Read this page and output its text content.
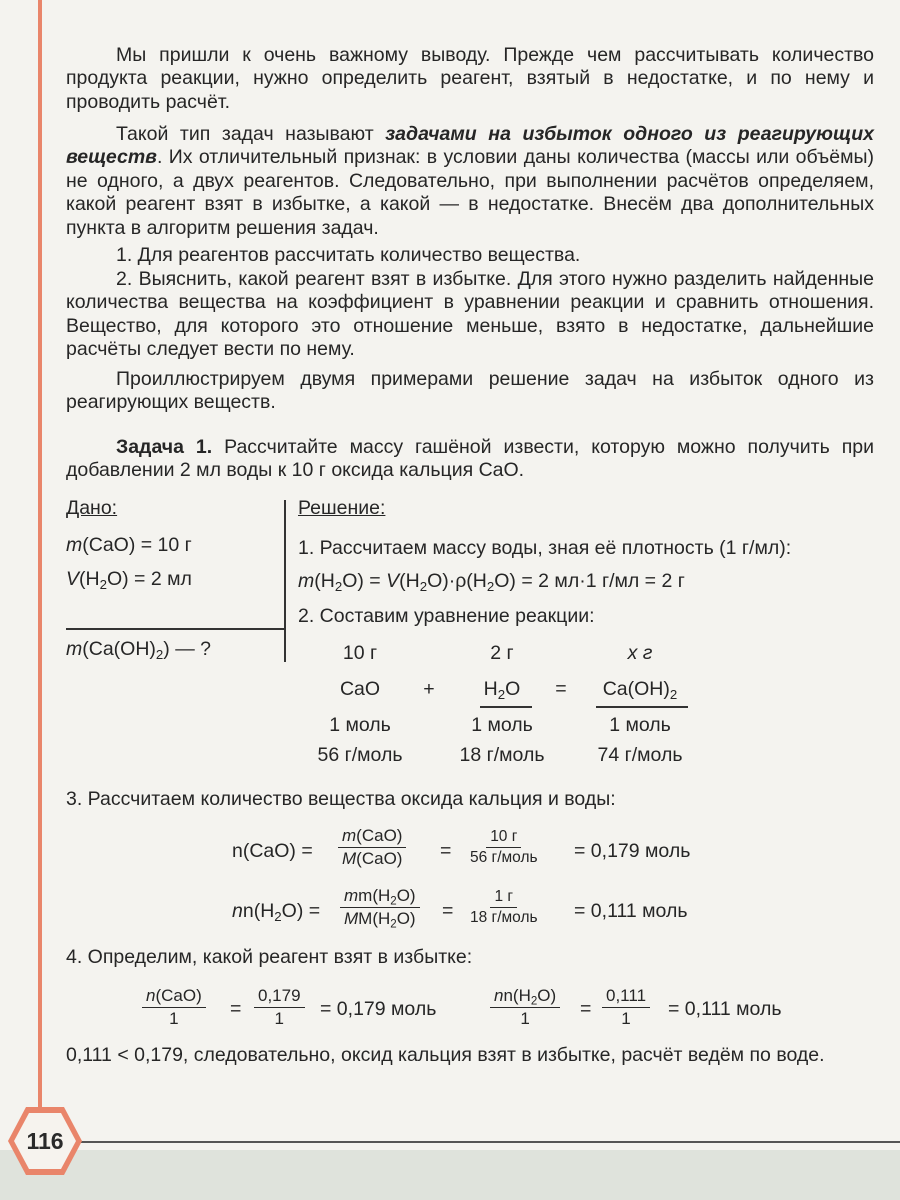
Мы пришли к очень важному выводу. Прежде чем рассчитывать количество продукта реакции, нужно определить реагент, взятый в недостатке, и по нему и проводить расчёт.

Такой тип задач называют задачами на избыток одного из реагирующих веществ. Их отличительный признак: в условии даны количества (массы или объёмы) не одного, а двух реагентов. Следовательно, при выполнении расчётов определяем, какой реагент взят в избытке, а какой — в недостатке. Внесём два дополнительных пункта в алгоритм решения задач.

1. Для реагентов рассчитать количество вещества.

2. Выяснить, какой реагент взят в избытке. Для этого нужно разделить найденные количества вещества на коэффициент в уравнении реакции и сравнить отношения. Вещество, для которого это отношение меньше, взято в недостатке, дальнейшие расчёты следует вести по нему.

Проиллюстрируем двумя примерами решение задач на избыток одного из реагирующих веществ.

Задача 1. Рассчитайте массу гашёной извести, которую можно получить при добавлении 2 мл воды к 10 г оксида кальция CaO.

Дано:
m(CaO) = 10 г
$V(H_2O) = 2$ мл
$m(Ca(OH)_2)$ — ?
Решение:
1. Рассчитаем массу воды, зная её плотность (1 г/мл):
$m(H_2O) = V(H_2O)\cdot\rho(H_2O) = 2$ мл·1 г/мл = 2 г
2. Составим уравнение реакции:
10 г	2 г	x г
CaO	+	$H_2O$	=	$Ca(OH)_2$
1 моль	1 моль	1 моль
56 г/моль	18 г/моль	74 г/моль
3. Рассчитаем количество вещества оксида кальция и воды:
n(CaO) =
m(CaO)
M(CaO) =
10 г
56 г/моль = 0,179 моль
$nn(H_2O) = \frac{mm(H_2O)}{MM(H_2O)}$ =
1 г
18 г/моль = 0,111 моль
4. Определим, какой реагент взят в избытке:
n(CaO)
1	= $\frac{0,179}{1} = 0,179$ моль	$\frac{nn(H_2O)}{1} = \frac{0,111}{1} = 0,111$ моль

0,111 < 0,179, следовательно, оксид кальция взят в избытке, расчёт ведём по воде.

116
